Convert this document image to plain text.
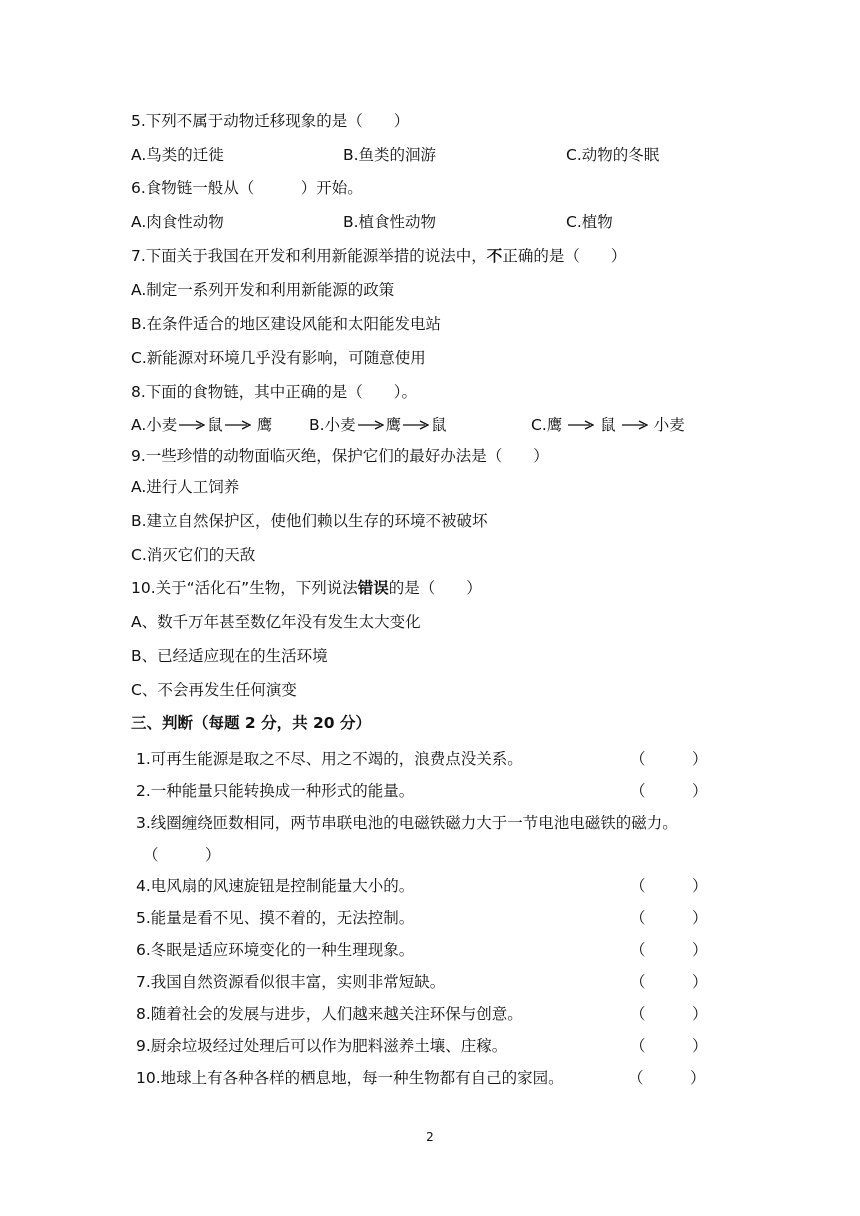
5.下列不属于动物迁移现象的是（　　）
A.鸟类的迁徙	B.鱼类的洄游	C.动物的冬眠
6.食物链一般从（　　　）开始。
A.肉食性动物	B.植食性动物	C.植物
7.下面关于我国在开发和利用新能源举措的说法中，不正确的是（　　）
A.制定一系列开发和利用新能源的政策
B.在条件适合的地区建设风能和太阳能发电站
C.新能源对环境几乎没有影响，可随意使用
8.下面的食物链，其中正确的是（　　）。
A. 小麦 鼠 鹰 B. 小麦 鹰 鼠	C. 鹰 鼠 小麦
9.一些珍惜的动物面临灭绝，保护它们的最好办法是（　　）
A.进行人工饲养
B.建立自然保护区，使他们赖以生存的环境不被破坏
C.消灭它们的天敌
10.关于“活化石”生物，下列说法错误的是（　　）
A、数千万年甚至数亿年没有发生太大变化
B、已经适应现在的生活环境
C、不会再发生任何演变
三、判断（每题 2 分，共 20 分）
1.可再生能源是取之不尽、用之不竭的，浪费点没关系。	（　　　）
2.一种能量只能转换成一种形式的能量。	（　　　）
3.线圈缠绕匝数相同，两节串联电池的电磁铁磁力大于一节电池电磁铁的磁力。
（　　　）
4.电风扇的风速旋钮是控制能量大小的。	（　　　）
5.能量是看不见、摸不着的，无法控制。	（　　　）
6.冬眠是适应环境变化的一种生理现象。	（　　　）
7.我国自然资源看似很丰富，实则非常短缺。	（　　　）
8.随着社会的发展与进步，人们越来越关注环保与创意。	（　　　）
9.厨余垃圾经过处理后可以作为肥料滋养土壤、庄稼。	（　　　）
10.地球上有各种各样的栖息地，每一种生物都有自己的家园。	（　　　）
2
